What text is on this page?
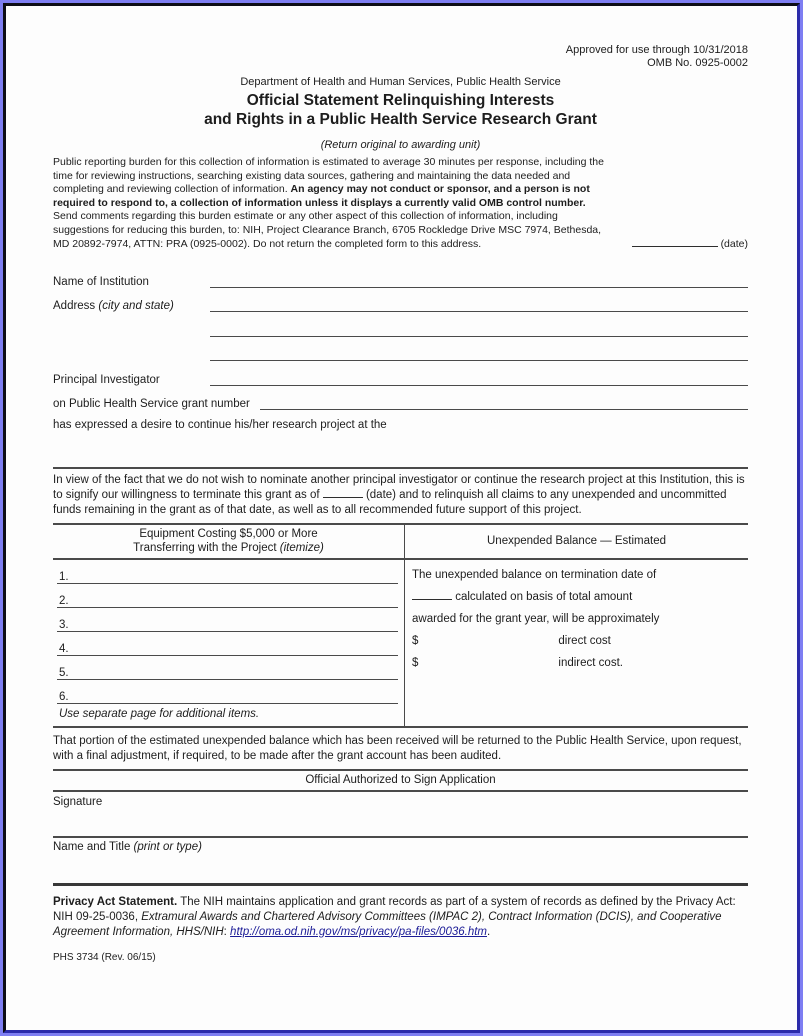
Approved for use through 10/31/2018
OMB No. 0925-0002
Department of Health and Human Services, Public Health Service
Official Statement Relinquishing Interests
and Rights in a Public Health Service Research Grant
(Return original to awarding unit)

Public reporting burden for this collection of information is estimated to average 30 minutes per response, including the time for reviewing instructions, searching existing data sources, gathering and maintaining the data needed and completing and reviewing collection of information. An agency may not conduct or sponsor, and a person is not required to respond to, a collection of information unless it displays a currently valid OMB control number. Send comments regarding this burden estimate or any other aspect of this collection of information, including suggestions for reducing this burden, to: NIH, Project Clearance Branch, 6705 Rockledge Drive MSC 7974, Bethesda, MD 20892-7974, ATTN: PRA (0925-0002). Do not return the completed form to this address.	(date)
Name of Institution
Address (city and state)
Principal Investigator
on Public Health Service grant number
has expressed a desire to continue his/her research project at the

In view of the fact that we do not wish to nominate another principal investigator or continue the research project at this Institution, this is to signify our willingness to terminate this grant as of	(date) and to relinquish all claims to any unexpended and uncommitted funds remaining in the grant as of that date, as well as to all recommended future support of this project.

Equipment Costing $5,000 or More
Transferring with the Project (itemize)
Unexpended Balance — Estimated
1.
2.
3.
4.
5.
6.
Use separate page for additional items.
The unexpended balance on termination date of
calculated on basis of total amount
awarded for the grant year, will be approximately
$	direct cost
$	indirect cost.

That portion of the estimated unexpended balance which has been received will be returned to the Public Health Service, upon request, with a final adjustment, if required, to be made after the grant account has been audited.

Official Authorized to Sign Application
Signature
Name and Title (print or type)

Privacy Act Statement. The NIH maintains application and grant records as part of a system of records as defined by the Privacy Act: NIH 09-25-0036, Extramural Awards and Chartered Advisory Committees (IMPAC 2), Contract Information (DCIS), and Cooperative Agreement Information, HHS/NIH: http://oma.od.nih.gov/ms/privacy/pa-files/0036.htm.

PHS 3734 (Rev. 06/15)
